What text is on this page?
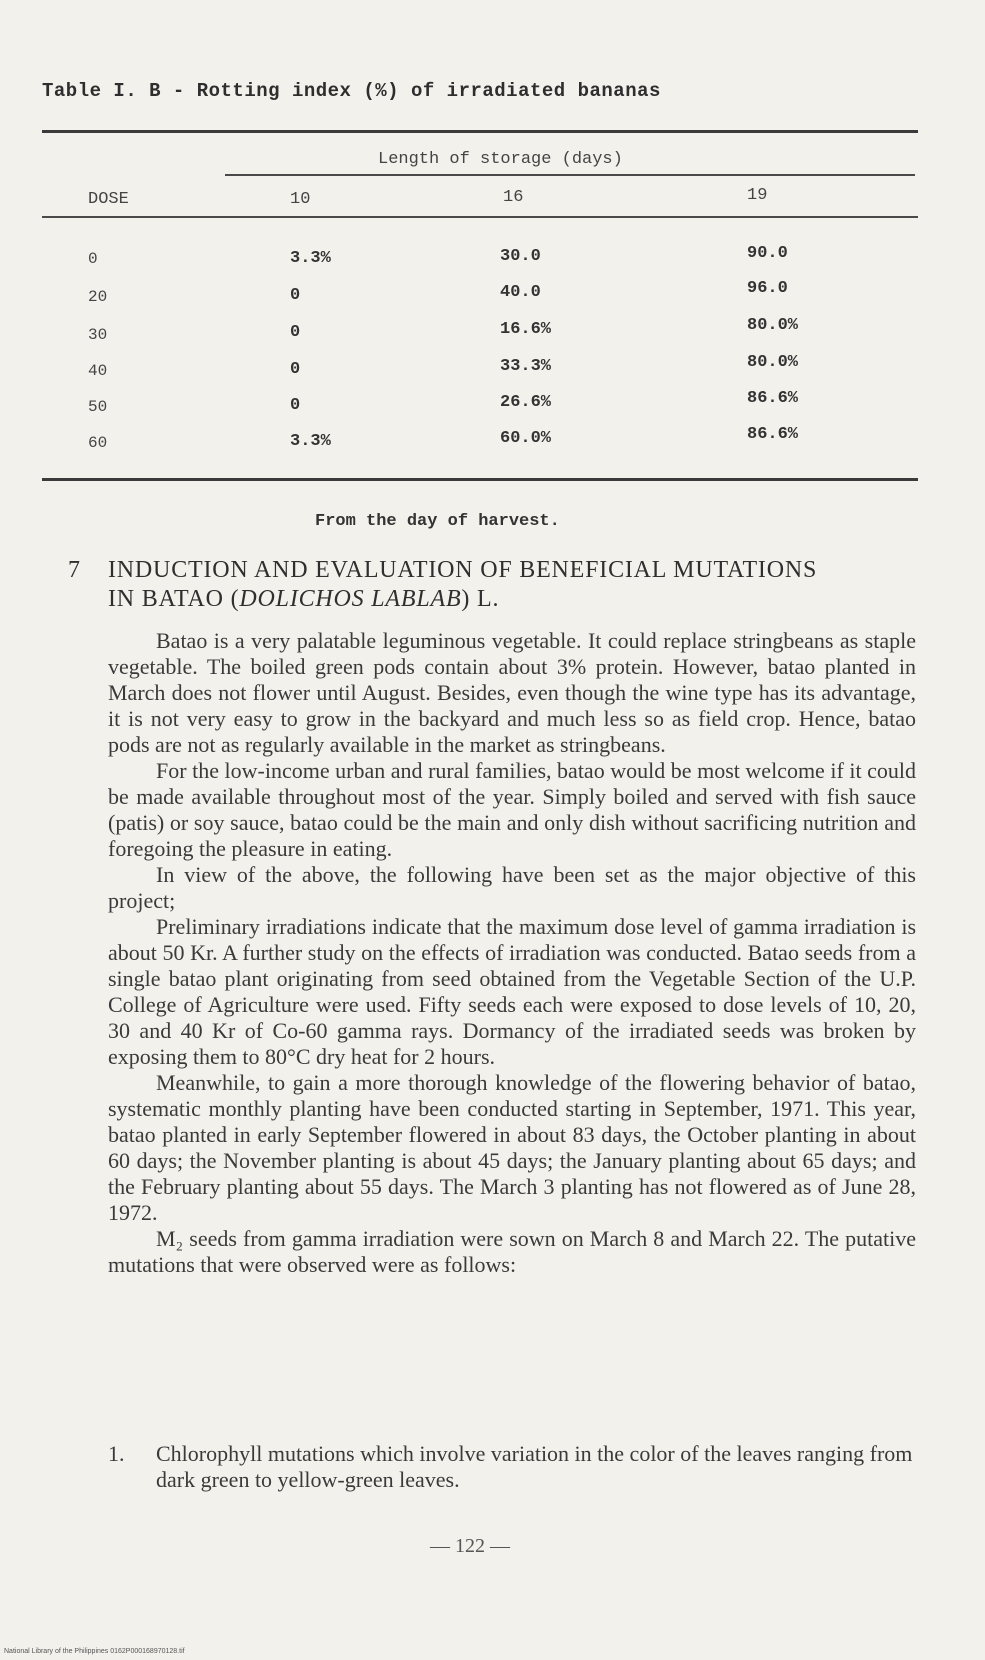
Table I. B - Rotting index (%) of irradiated bananas
Length of storage (days)
DOSE	10	16	19
0	3.3%	30.0	90.0
20	0	40.0	96.0
30	0	16.6%	80.0%
40	0	33.3%	80.0%
50	0	26.6%	86.6%
60	3.3%	60.0%	86.6%
From the day of harvest.
7 INDUCTION AND EVALUATION OF BENEFICIAL MUTATIONS
IN BATAO (DOLICHOS LABLAB) L.

Batao is a very palatable leguminous vegetable. It could replace stringbeans as staple vegetable. The boiled green pods contain about 3% protein. However, batao planted in March does not flower until August. Besides, even though the wine type has its advantage, it is not very easy to grow in the backyard and much less so as field crop. Hence, batao pods are not as regularly available in the market as stringbeans.

For the low-income urban and rural families, batao would be most welcome if it could be made available throughout most of the year. Simply boiled and served with fish sauce (patis) or soy sauce, batao could be the main and only dish without sacrificing nutrition and foregoing the pleasure in eating.

In view of the above, the following have been set as the major objective of this project;

Preliminary irradiations indicate that the maximum dose level of gamma irradiation is about 50 Kr. A further study on the effects of irradiation was conducted. Batao seeds from a single batao plant originating from seed obtained from the Vegetable Section of the U.P. College of Agriculture were used. Fifty seeds each were exposed to dose levels of 10, 20, 30 and 40 Kr of Co-60 gamma rays. Dormancy of the irradiated seeds was broken by exposing them to 80°C dry heat for 2 hours.

Meanwhile, to gain a more thorough knowledge of the flowering behavior of batao, systematic monthly planting have been conducted starting in September, 1971. This year, batao planted in early September flowered in about 83 days, the October planting in about 60 days; the November planting is about 45 days; the January planting about 65 days; and the February planting about 55 days. The March 3 planting has not flowered as of June 28, 1972.

M₂ seeds from gamma irradiation were sown on March 8 and March 22. The putative mutations that were observed were as follows:

1. Chlorophyll mutations which involve variation in the color of the leaves ranging from dark green to yellow-green leaves.
— 122 —
National Library of the Philippines 0162P000168970128.tif
